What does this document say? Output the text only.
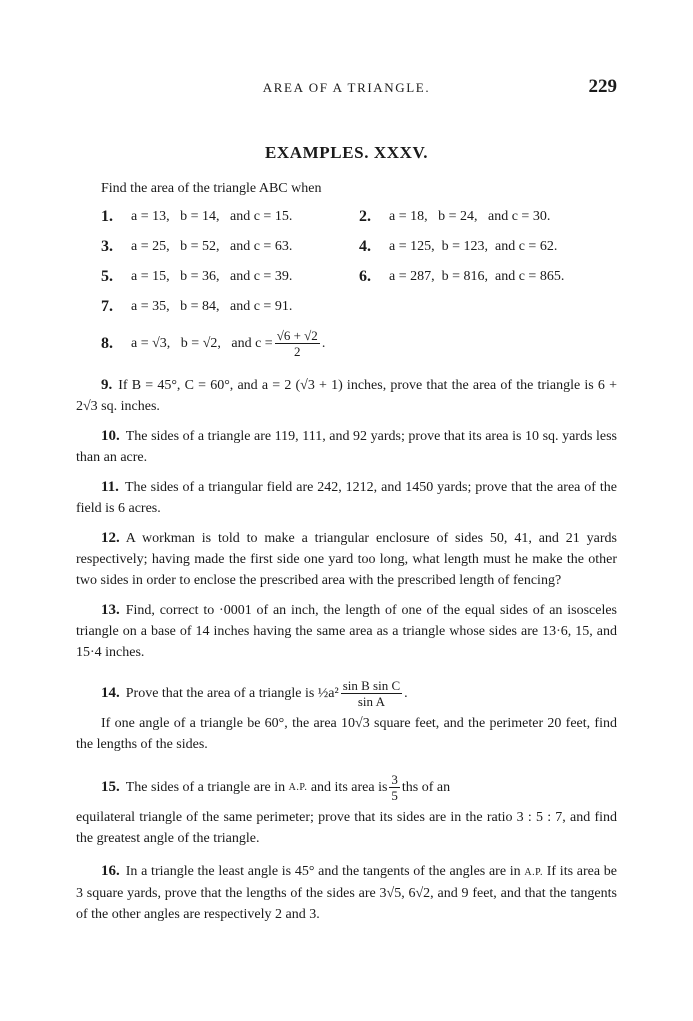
AREA OF A TRIANGLE.	229
EXAMPLES. XXXV.

Find the area of the triangle ABC when

1.	a = 13,   b = 14,   and c = 15.	2.	a = 18,   b = 24,   and c = 30.
3.	a = 25,   b = 52,   and c = 63.	4.	a = 125,  b = 123,  and c = 62.
5.	a = 15,   b = 36,   and c = 39.	6.	a = 287,  b = 816,  and c = 865.
7.	a = 35,   b = 84,   and c = 91.
8.	a = √3,   b = √2,   and $c = \frac{√6 + √2}{2}$ .

9. If B = 45°, C = 60°, and a = 2 (√3 + 1) inches, prove that the area of the triangle is 6 + 2√3 sq. inches.

10. The sides of a triangle are 119, 111, and 92 yards; prove that its area is 10 sq. yards less than an acre.

11. The sides of a triangular field are 242, 1212, and 1450 yards; prove that the area of the field is 6 acres.

12. A workman is told to make a triangular enclosure of sides 50, 41, and 21 yards respectively; having made the first side one yard too long, what length must he make the other two sides in order to enclose the prescribed area with the prescribed length of fencing?

13. Find, correct to ·0001 of an inch, the length of one of the equal sides of an isosceles triangle on a base of 14 inches having the same area as a triangle whose sides are 13·6, 15, and 15·4 inches.

14. Prove that the area of a triangle is ½a² $\frac{\text{sin B sin C}}{\text{sin A}}$ .

If one angle of a triangle be 60°, the area 10√3 square feet, and the perimeter 20 feet, find the lengths of the sides.

15. The sides of a triangle are in
A.P.
and its area is $\frac{3}{5}$ ths of an

equilateral triangle of the same perimeter; prove that its sides are in the ratio 3 : 5 : 7, and find the greatest angle of the triangle.

16. In a triangle the least angle is 45° and the tangents of the angles are in A.P. If its area be 3 square yards, prove that the lengths of the sides are 3√5, 6√2, and 9 feet, and that the tangents of the other angles are respectively 2 and 3.
